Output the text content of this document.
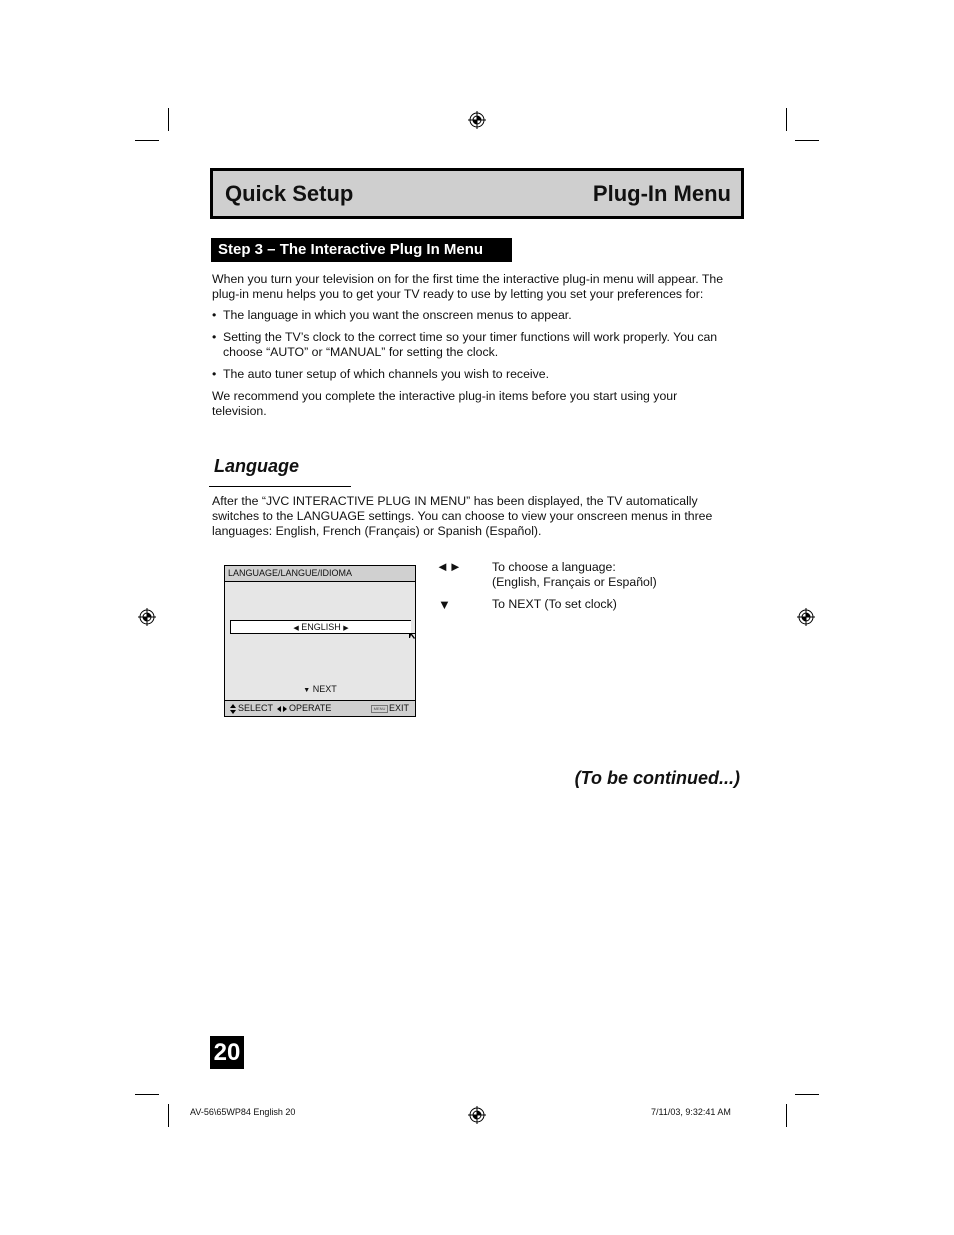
Quick Setup	Plug-In Menu
Step 3 – The Interactive Plug In Menu
When you turn your television on for the first time the interactive plug-in menu will appear. The plug-in menu helps you to get your TV ready to use by letting you set your preferences for:
• The language in which you want the onscreen menus to appear.
• Setting the TV’s clock to the correct time so your timer functions will work properly. You can choose “AUTO” or “MANUAL” for setting the clock.
• The auto tuner setup of which channels you wish to receive.
We recommend you complete the interactive plug-in items before you start using your television.
Language
After the “JVC INTERACTIVE PLUG IN MENU” has been displayed, the TV automatically switches to the LANGUAGE settings. You can choose to view your onscreen menus in three languages: English, French (Français) or Spanish (Español).
LANGUAGE/LANGUE/IDIOMA
◀ ENGLISH ▶
▼ NEXT
SELECT OPERATE	MENU EXIT
◄► To choose a language:
(English, Français or Español)
▼	To NEXT (To set clock)
(To be continued...)
20
AV-56\65WP84 English 20	7/11/03, 9:32:41 AM
